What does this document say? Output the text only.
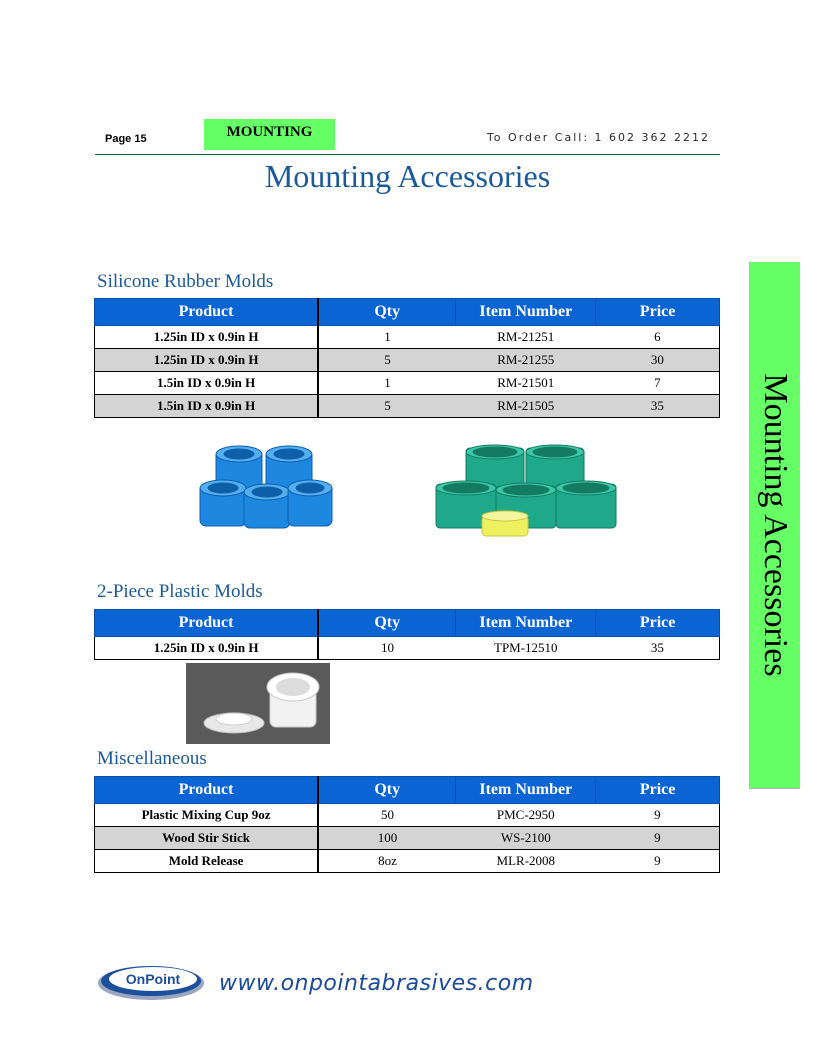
Page 15	MOUNTING	To Order Call: 1 602 362 2212
Mounting Accessories
Mounting Accessories
Silicone Rubber Molds
Product	Qty	Item Number	Price
1.25in ID x 0.9in H	1	RM-21251	6
1.25in ID x 0.9in H	5	RM-21255	30
1.5in ID x 0.9in H	1	RM-21501	7
1.5in ID x 0.9in H	5	RM-21505	35
2-Piece Plastic Molds
Product	Qty	Item Number	Price
1.25in ID x 0.9in H	10	TPM-12510	35
Miscellaneous
Product	Qty	Item Number	Price
Plastic Mixing Cup 9oz	50	PMC-2950	9
Wood Stir Stick	100	WS-2100	9
Mold Release	8oz	MLR-2008	9
OnPoint www.onpointabrasives.com
